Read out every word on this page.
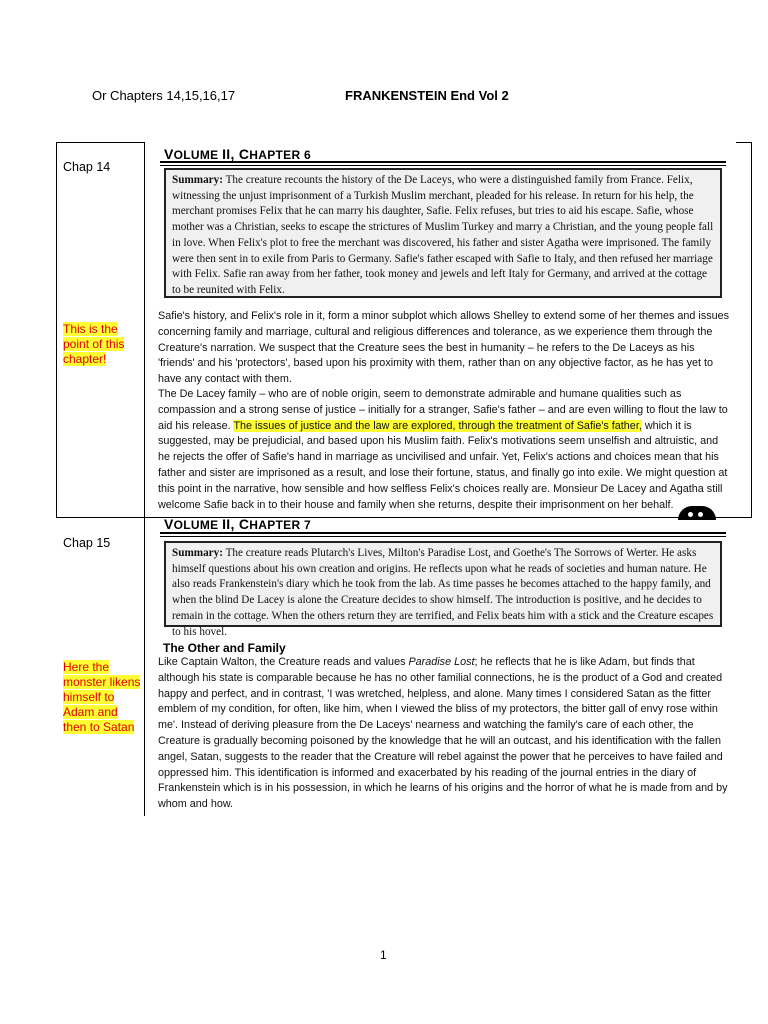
Or Chapters 14,15,16,17	FRANKENSTEIN End Vol 2
Chap 14
This is the point of this chapter!
VOLUME II, CHAPTER 6
Summary: The creature recounts the history of the De Laceys, who were a distinguished family from France. Felix, witnessing the unjust imprisonment of a Turkish Muslim merchant, pleaded for his release. In return for his help, the merchant promises Felix that he can marry his daughter, Safie. Felix refuses, but tries to aid his escape. Safie, whose mother was a Christian, seeks to escape the strictures of Muslim Turkey and marry a Christian, and the young people fall in love. When Felix's plot to free the merchant was discovered, his father and sister Agatha were imprisoned. The family were then sent in to exile from Paris to Germany. Safie's father escaped with Safie to Italy, and then refused her marriage with Felix. Safie ran away from her father, took money and jewels and left Italy for Germany, and arrived at the cottage to be reunited with Felix.
Safie's history, and Felix's role in it, form a minor subplot which allows Shelley to extend some of her themes and issues concerning family and marriage, cultural and religious differences and tolerance, as we experience them through the Creature's narration. We suspect that the Creature sees the best in humanity – he refers to the De Laceys as his 'friends' and his 'protectors', based upon his proximity with them, rather than on any objective factor, as he has yet to have any contact with them.
The De Lacey family – who are of noble origin, seem to demonstrate admirable and humane qualities such as compassion and a strong sense of justice – initially for a stranger, Safie's father – and are even willing to flout the law to aid his release. The issues of justice and the law are explored, through the treatment of Safie's father, which it is suggested, may be prejudicial, and based upon his Muslim faith. Felix's motivations seem unselfish and altruistic, and he rejects the offer of Safie's hand in marriage as uncivilised and unfair. Yet, Felix's actions and choices mean that his father and sister are imprisoned as a result, and lose their fortune, status, and finally go into exile. We might question at this point in the narrative, how sensible and how selfless Felix's choices really are. Monsieur De Lacey and Agatha still welcome Safie back in to their house and family when she returns, despite their imprisonment on her behalf.
Chap 15
Here the monster likens himself to Adam and then to Satan
VOLUME II, CHAPTER 7
Summary: The creature reads Plutarch's Lives, Milton's Paradise Lost, and Goethe's The Sorrows of Werter. He asks himself questions about his own creation and origins. He reflects upon what he reads of societies and human nature. He also reads Frankenstein's diary which he took from the lab. As time passes he becomes attached to the happy family, and when the blind De Lacey is alone the Creature decides to show himself. The introduction is positive, and he decides to remain in the cottage. When the others return they are terrified, and Felix beats him with a stick and the Creature escapes to his hovel.
The Other and Family
Like Captain Walton, the Creature reads and values Paradise Lost; he reflects that he is like Adam, but finds that although his state is comparable because he has no other familial connections, he is the product of a God and created happy and perfect, and in contrast, 'I was wretched, helpless, and alone. Many times I considered Satan as the fitter emblem of my condition, for often, like him, when I viewed the bliss of my protectors, the bitter gall of envy rose within me'. Instead of deriving pleasure from the De Laceys' nearness and watching the family's care of each other, the Creature is gradually becoming poisoned by the knowledge that he will an outcast, and his identification with the fallen angel, Satan, suggests to the reader that the Creature will rebel against the power that he perceives to have failed and oppressed him. This identification is informed and exacerbated by his reading of the journal entries in the diary of Frankenstein which is in his possession, in which he learns of his origins and the horror of what he is made from and by whom and how.
1
